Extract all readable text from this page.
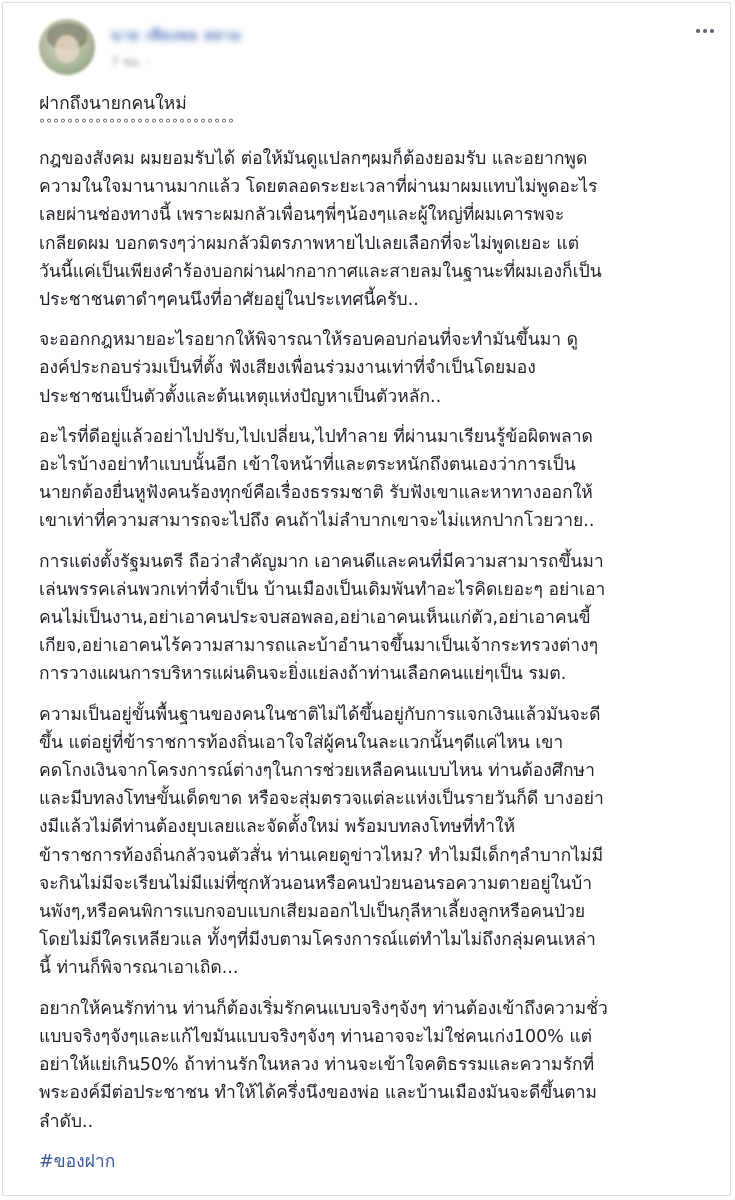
นาย เพียงพอ สยาม
7 ชม. ·

ฝากถึงนายกคนใหม่

°°°°°°°°°°°°°°°°°°°°°°°°°°°°

กฎของสังคม ผมยอมรับได้ ต่อให้มันดูแปลกๆผมก็ต้องยอมรับ และอยากพูด
ความในใจมานานมากแล้ว โดยตลอดระยะเวลาที่ผ่านมาผมแทบไม่พูดอะไร
เลยผ่านช่องทางนี้ เพราะผมกลัวเพื่อนๆพี่ๆน้องๆและผู้ใหญ่ที่ผมเคารพจะ
เกลียดผม บอกตรงๆว่าผมกลัวมิตรภาพหายไปเลยเลือกที่จะไม่พูดเยอะ แต่
วันนี้แค่เป็นเพียงคำร้องบอกผ่านฝากอากาศและสายลมในฐานะที่ผมเองก็เป็น
ประชาชนตาดำๆคนนึงที่อาศัยอยู่ในประเทศนี้ครับ..

จะออกกฎหมายอะไรอยากให้พิจารณาให้รอบคอบก่อนที่จะทำมันขึ้นมา ดู
องค์ประกอบร่วมเป็นที่ตั้ง ฟังเสียงเพื่อนร่วมงานเท่าที่จำเป็นโดยมอง
ประชาชนเป็นตัวตั้งและต้นเหตุแห่งปัญหาเป็นตัวหลัก..

อะไรที่ดีอยู่แล้วอย่าไปปรับ,ไปเปลี่ยน,ไปทำลาย ที่ผ่านมาเรียนรู้ข้อผิดพลาด
อะไรบ้างอย่าทำแบบนั้นอีก เข้าใจหน้าที่และตระหนักถึงตนเองว่าการเป็น
นายกต้องยื่นหูฟังคนร้องทุกข์คือเรื่องธรรมชาติ รับฟังเขาและหาทางออกให้
เขาเท่าที่ความสามารถจะไปถึง คนถ้าไม่ลำบากเขาจะไม่แหกปากโวยวาย..

การแต่งตั้งรัฐมนตรี ถือว่าสำคัญมาก เอาคนดีและคนที่มีความสามารถขึ้นมา
เล่นพรรคเล่นพวกเท่าที่จำเป็น บ้านเมืองเป็นเดิมพันทำอะไรคิดเยอะๆ อย่าเอา
คนไม่เป็นงาน,อย่าเอาคนประจบสอพลอ,อย่าเอาคนเห็นแก่ตัว,อย่าเอาคนขี้
เกียจ,อย่าเอาคนไร้ความสามารถและบ้าอำนาจขึ้นมาเป็นเจ้ากระทรวงต่างๆ
การวางแผนการบริหารแผ่นดินจะยิ่งแย่ลงถ้าท่านเลือกคนแย่ๆเป็น รมต.

ความเป็นอยู่ขั้นพื้นฐานของคนในชาติไม่ได้ขึ้นอยู่กับการแจกเงินแล้วมันจะดี
ขึ้น แต่อยู่ที่ข้าราชการท้องถิ่นเอาใจใส่ผู้คนในละแวกนั้นๆดีแค่ไหน เขา
คดโกงเงินจากโครงการณ์ต่างๆในการช่วยเหลือคนแบบไหน ท่านต้องศึกษา
และมีบทลงโทษขั้นเด็ดขาด หรือจะสุ่มตรวจแต่ละแห่งเป็นรายวันก็ดี บางอย่า
งมีแล้วไม่ดีท่านต้องยุบเลยและจัดตั้งใหม่ พร้อมบทลงโทษที่ทำให้
ข้าราชการท้องถิ่นกลัวจนตัวสั่น ท่านเคยดูข่าวไหม? ทำไมมีเด็กๆลำบากไม่มี
จะกินไม่มีจะเรียนไม่มีแม่ที่ซุกหัวนอนหรือคนป่วยนอนรอความตายอยู่ในบ้า
นพังๆ,หรือคนพิการแบกจอบแบกเสียมออกไปเป็นกุลีหาเลี้ยงลูกหรือคนป่วย
โดยไม่มีใครเหลียวแล ทั้งๆที่มีงบตามโครงการณ์แต่ทำไมไม่ถึงกลุ่มคนเหล่า
นี้ ท่านก็พิจารณาเอาเถิด...

อยากให้คนรักท่าน ท่านก็ต้องเริ่มรักคนแบบจริงๆจังๆ ท่านต้องเข้าถึงความชั่ว
แบบจริงๆจังๆและแก้ไขมันแบบจริงๆจังๆ ท่านอาจจะไม่ใช่คนเก่ง100% แต่
อย่าให้แย่เกิน50% ถ้าท่านรักในหลวง ท่านจะเข้าใจคติธรรมและความรักที่
พระองค์มีต่อประชาชน ทำให้ได้ครึ่งนึงของพ่อ และบ้านเมืองมันจะดีขึ้นตาม
ลำดับ..

#ของฝาก
